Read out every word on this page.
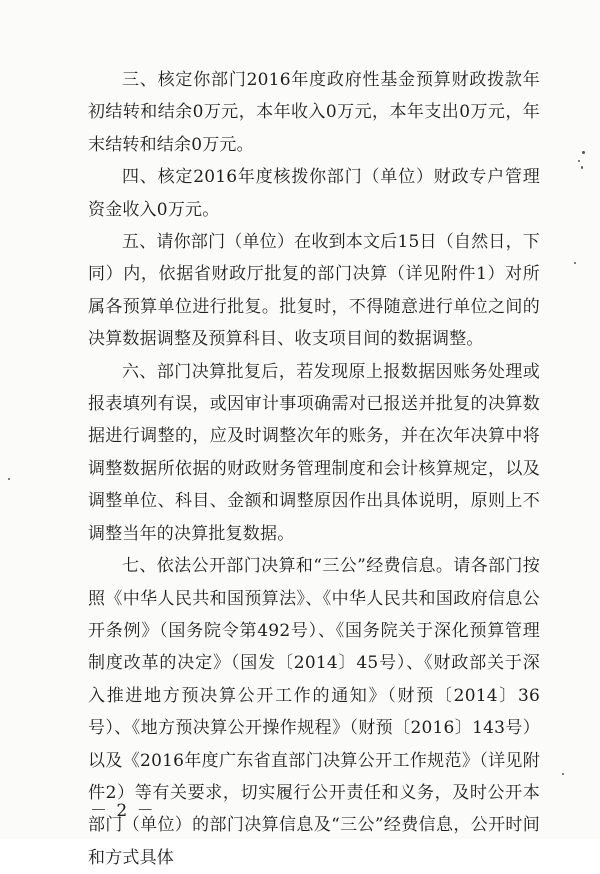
三、核定你部门2016年度政府性基金预算财政拨款年初结转和结余0万元，本年收入0万元，本年支出0万元，年末结转和结余0万元。

四、核定2016年度核拨你部门（单位）财政专户管理资金收入0万元。

五、请你部门（单位）在收到本文后15日（自然日，下同）内，依据省财政厅批复的部门决算（详见附件1）对所属各预算单位进行批复。批复时，不得随意进行单位之间的决算数据调整及预算科目、收支项目间的数据调整。

六、部门决算批复后，若发现原上报数据因账务处理或报表填列有误，或因审计事项确需对已报送并批复的决算数据进行调整的，应及时调整次年的账务，并在次年决算中将调整数据所依据的财政财务管理制度和会计核算规定，以及调整单位、科目、金额和调整原因作出具体说明，原则上不调整当年的决算批复数据。

七、依法公开部门决算和“三公”经费信息。请各部门按照《中华人民共和国预算法》、《中华人民共和国政府信息公开条例》（国务院令第492号）、《国务院关于深化预算管理制度改革的决定》（国发〔2014〕45号）、《财政部关于深入推进地方预决算公开工作的通知》（财预〔2014〕36号）、《地方预决算公开操作规程》（财预〔2016〕143号）以及《2016年度广东省直部门决算公开工作规范》（详见附件2）等有关要求，切实履行公开责任和义务，及时公开本部门（单位）的部门决算信息及“三公”经费信息，公开时间和方式具体

－ 2 －
